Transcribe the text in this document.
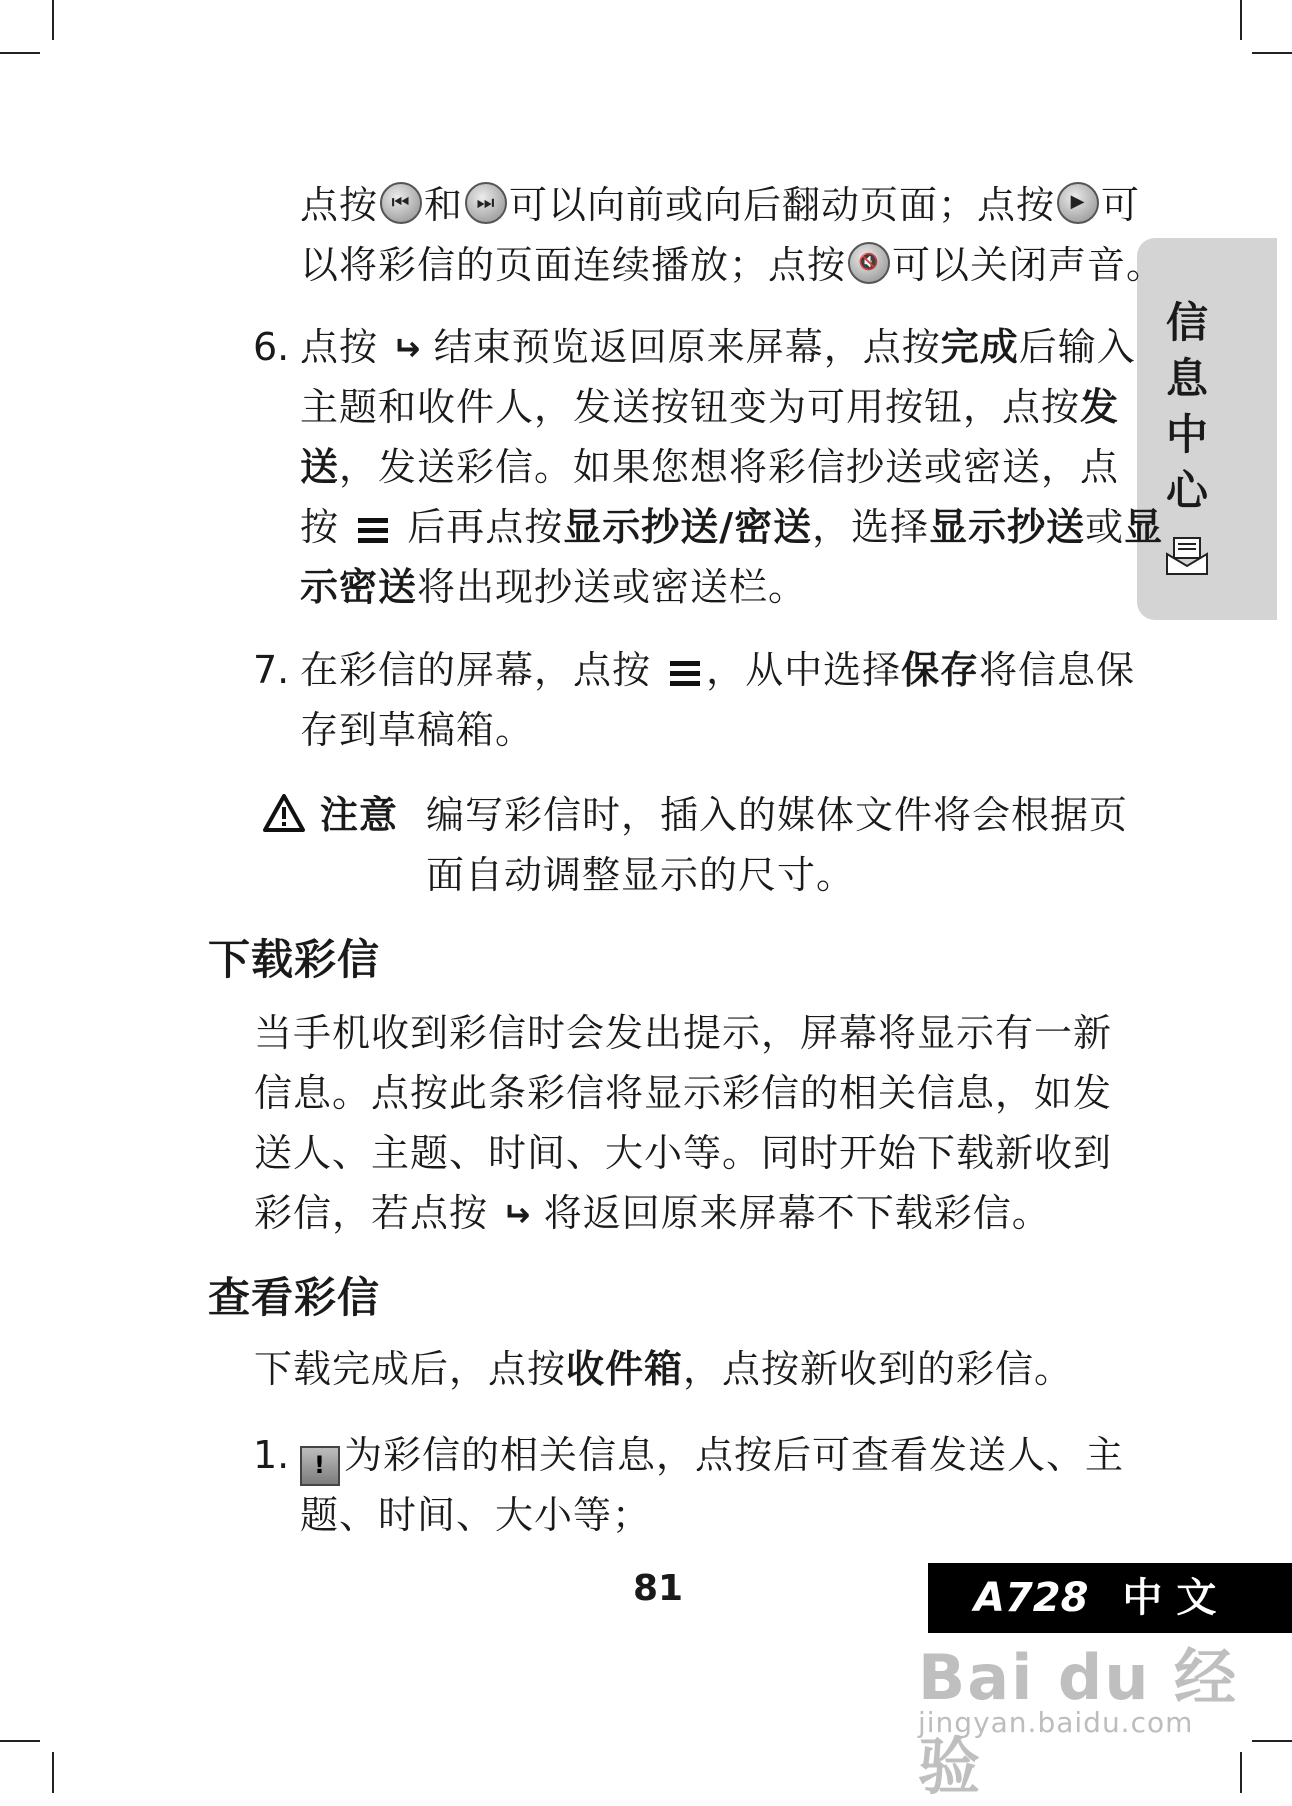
信
息
中
心
点按 ⏮ 和 ⏭ 可以向前或向后翻动页面；点按 ▶ 可
以将彩信的页面连续播放；点按 🔇 可以关闭声音。
6. 点按 ↵ 结束预览返回原来屏幕，点按完成后输入
主题和收件人，发送按钮变为可用按钮，点按发
送，发送彩信。如果您想将彩信抄送或密送，点
按 后再点按显示抄送/密送，选择显示抄送或显
示密送将出现抄送或密送栏。
7. 在彩信的屏幕，点按 ，从中选择保存将信息保
存到草稿箱。
注意 编写彩信时，插入的媒体文件将会根据页
面自动调整显示的尺寸。
下载彩信
当手机收到彩信时会发出提示，屏幕将显示有一新
信息。点按此条彩信将显示彩信的相关信息，如发
送人、主题、时间、大小等。同时开始下载新收到
彩信，若点按 ↵ 将返回原来屏幕不下载彩信。
查看彩信
下载完成后，点按收件箱，点按新收到的彩信。
1.	! 为彩信的相关信息，点按后可查看发送人、主
题、时间、大小等；
81	A728 中 文
Bai du 经验
jingyan.baidu.com
